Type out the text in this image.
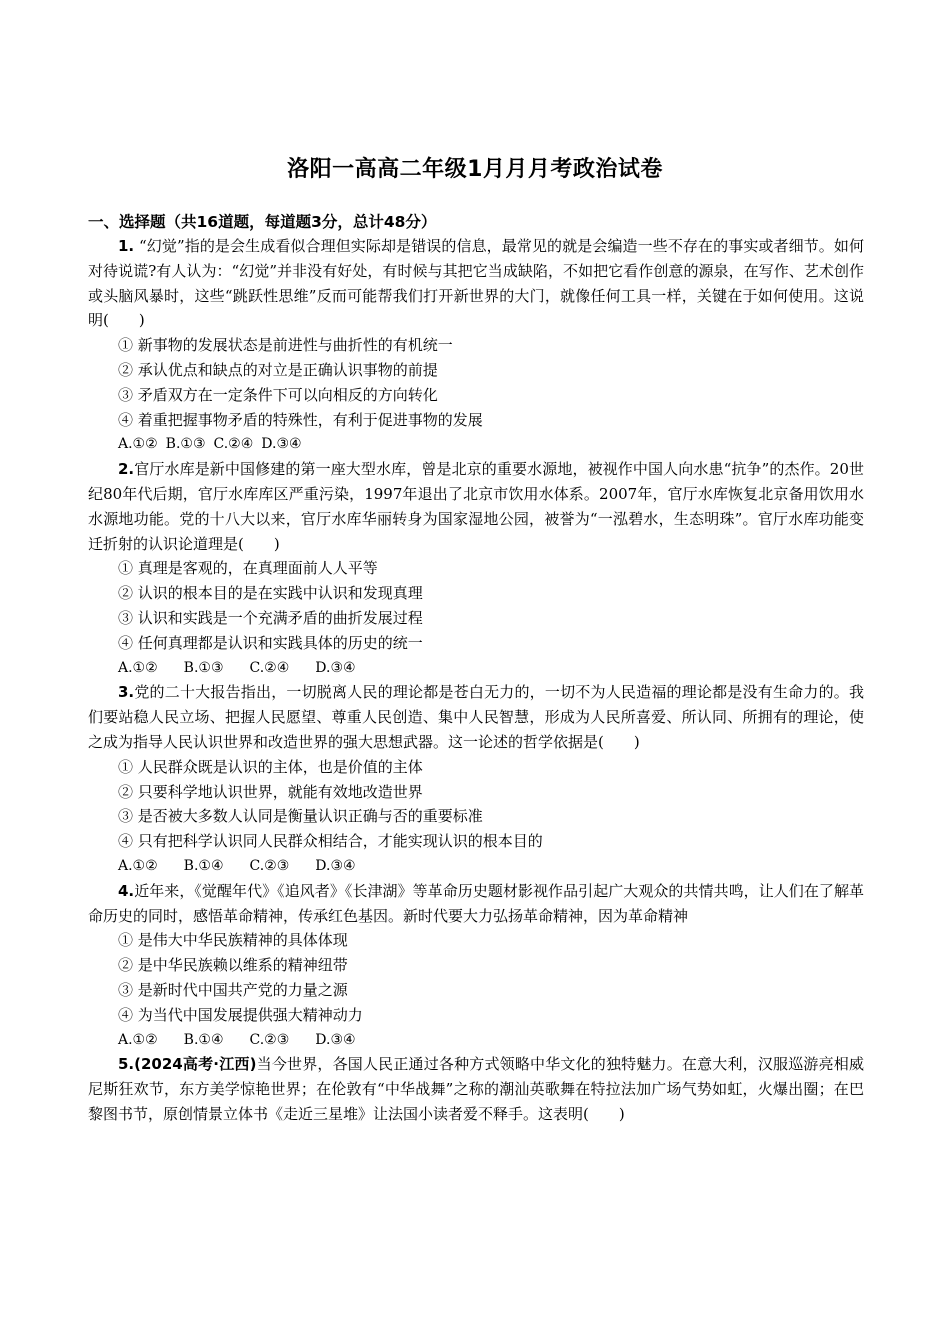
洛阳一高高二年级1月月月考政治试卷
一、选择题（共16道题，每道题3分，总计48分）

1. “幻觉”指的是会生成看似合理但实际却是错误的信息，最常见的就是会编造一些不存在的事实或者细节。如何对待说谎?有人认为：“幻觉”并非没有好处，有时候与其把它当成缺陷，不如把它看作创意的源泉，在写作、艺术创作或头脑风暴时，这些“跳跃性思维”反而可能帮我们打开新世界的大门，就像任何工具一样，关键在于如何使用。这说明(　　)

① 新事物的发展状态是前进性与曲折性的有机统一

② 承认优点和缺点的对立是正确认识事物的前提

③ 矛盾双方在一定条件下可以向相反的方向转化

④ 着重把握事物矛盾的特殊性，有利于促进事物的发展

A.①② B.①③ C.②④ D.③④

2.官厅水库是新中国修建的第一座大型水库，曾是北京的重要水源地，被视作中国人向水患“抗争”的杰作。20世纪80年代后期，官厅水库库区严重污染，1997年退出了北京市饮用水体系。2007年，官厅水库恢复北京备用饮用水水源地功能。党的十八大以来，官厅水库华丽转身为国家湿地公园，被誉为“一泓碧水，生态明珠”。官厅水库功能变迁折射的认识论道理是(　　)

① 真理是客观的，在真理面前人人平等

② 认识的根本目的是在实践中认识和发现真理

③ 认识和实践是一个充满矛盾的曲折发展过程

④ 任何真理都是认识和实践具体的历史的统一

A.①② B.①③ C.②④ D.③④

3.党的二十大报告指出，一切脱离人民的理论都是苍白无力的，一切不为人民造福的理论都是没有生命力的。我们要站稳人民立场、把握人民愿望、尊重人民创造、集中人民智慧，形成为人民所喜爱、所认同、所拥有的理论，使之成为指导人民认识世界和改造世界的强大思想武器。这一论述的哲学依据是(　　)

① 人民群众既是认识的主体，也是价值的主体

② 只要科学地认识世界，就能有效地改造世界

③ 是否被大多数人认同是衡量认识正确与否的重要标准

④ 只有把科学认识同人民群众相结合，才能实现认识的根本目的

A.①② B.①④ C.②③ D.③④

4.近年来，《觉醒年代》《追风者》《长津湖》等革命历史题材影视作品引起广大观众的共情共鸣，让人们在了解革命历史的同时，感悟革命精神，传承红色基因。新时代要大力弘扬革命精神，因为革命精神

① 是伟大中华民族精神的具体体现

② 是中华民族赖以维系的精神纽带

③ 是新时代中国共产党的力量之源

④ 为当代中国发展提供强大精神动力

A.①② B.①④ C.②③ D.③④

5.(2024高考·江西)当今世界，各国人民正通过各种方式领略中华文化的独特魅力。在意大利，汉服巡游亮相威尼斯狂欢节，东方美学惊艳世界；在伦敦有“中华战舞”之称的潮汕英歌舞在特拉法加广场气势如虹，火爆出圈；在巴黎图书节，原创情景立体书《走近三星堆》让法国小读者爱不释手。这表明(　　)
